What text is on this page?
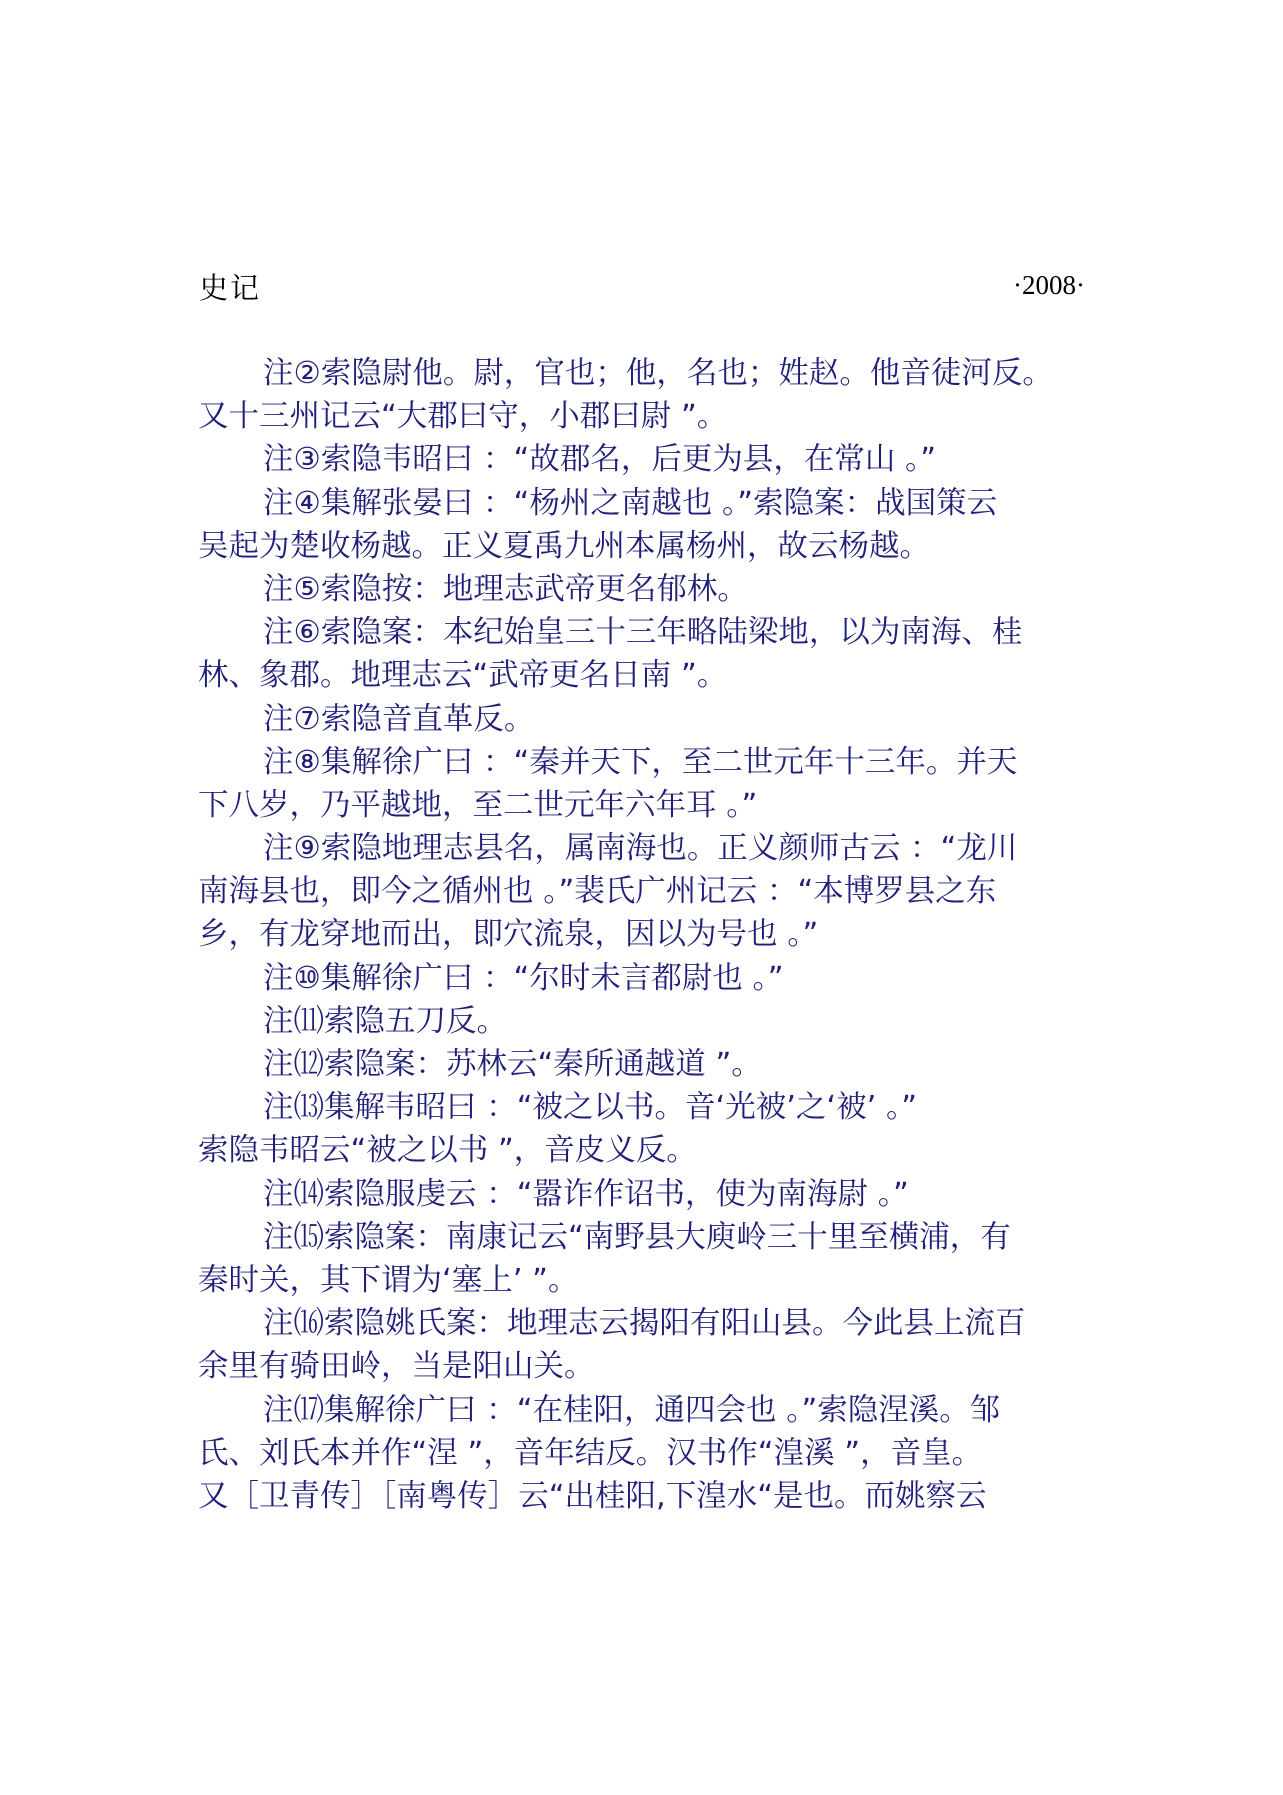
史记	·2008·
注②索隐尉他。尉，官也；他，名也；姓赵。他音徒河反。
又十三州记云“大郡曰守，小郡曰尉 ”。
注③索隐韦昭曰 ：“故郡名，后更为县，在常山 。”
注④集解张晏曰 ：“杨州之南越也 。”索隐案：战国策云
吴起为楚收杨越。正义夏禹九州本属杨州，故云杨越。
注⑤索隐按：地理志武帝更名郁林。
注⑥索隐案：本纪始皇三十三年略陆梁地，以为南海、桂
林、象郡。地理志云“武帝更名日南 ”。
注⑦索隐音直革反。
注⑧集解徐广曰 ：“秦并天下，至二世元年十三年。并天
下八岁，乃平越地，至二世元年六年耳 。”
注⑨索隐地理志县名，属南海也。正义颜师古云 ：“龙川
南海县也，即今之循州也 。”裴氏广州记云 ：“本博罗县之东
乡，有龙穿地而出，即穴流泉，因以为号也 。”
注⑩集解徐广曰 ：“尔时未言都尉也 。”
注⑾索隐五刀反。
注⑿索隐案：苏林云“秦所通越道 ”。
注⒀集解韦昭曰 ：“被之以书。音‘光被’之‘被’ 。”
索隐韦昭云“被之以书 ”，音皮义反。
注⒁索隐服虔云 ：“嚣诈作诏书，使为南海尉 。”
注⒂索隐案：南康记云“南野县大庾岭三十里至横浦，有
秦时关，其下谓为‘塞上’ ”。
注⒃索隐姚氏案：地理志云揭阳有阳山县。今此县上流百
余里有骑田岭，当是阳山关。
注⒄集解徐广曰 ：“在桂阳，通四会也 。”索隐涅溪。邹
氏、刘氏本并作“涅 ”，音年结反。汉书作“湟溪 ”，音皇。
又［卫青传］［南粤传］云“出桂阳,下湟水“是也。而姚察云
